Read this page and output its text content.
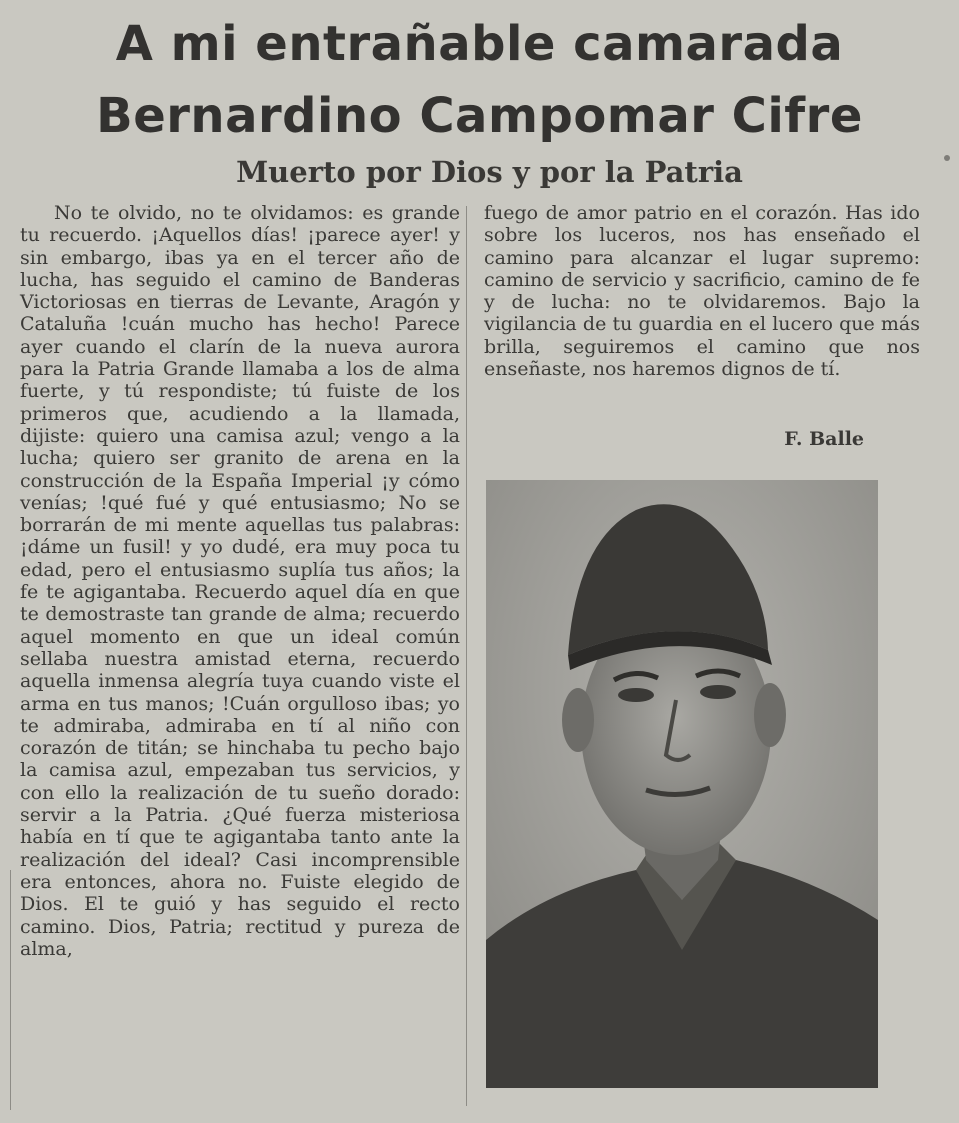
A mi entrañable camarada
Bernardino Campomar Cifre
Muerto por Dios y por la Patria

No te olvido, no te olvidamos: es grande tu recuerdo. ¡Aquellos días! ¡parece ayer! y sin embargo, ibas ya en el tercer año de lucha, has seguido el camino de Banderas Victoriosas en tierras de Levante, Aragón y Cataluña !cuán mucho has hecho! Parece ayer cuando el clarín de la nueva aurora para la Patria Grande llamaba a los de alma fuerte, y tú respondiste; tú fuiste de los primeros que, acudiendo a la llamada, dijiste: quiero una camisa azul; vengo a la lucha; quiero ser granito de arena en la construcción de la España Imperial ¡y cómo venías; !qué fué y qué entusiasmo; No se borrarán de mi mente aquellas tus palabras: ¡dáme un fusil! y yo dudé, era muy poca tu edad, pero el entusiasmo suplía tus años; la fe te agigantaba. Recuerdo aquel día en que te demostraste tan grande de alma; recuerdo aquel momento en que un ideal común sellaba nuestra amistad eterna, recuerdo aquella inmensa alegría tuya cuando viste el arma en tus manos; !Cuán orgulloso ibas; yo te admiraba, admiraba en tí al niño con corazón de titán; se hinchaba tu pecho bajo la camisa azul, empezaban tus servicios, y con ello la realización de tu sueño dorado: servir a la Patria. ¿Qué fuerza misteriosa había en tí que te agigantaba tanto ante la realización del ideal? Casi incomprensible era entonces, ahora no. Fuiste elegido de Dios. El te guió y has seguido el recto camino. Dios, Patria; rectitud y pureza de alma,

fuego de amor patrio en el corazón. Has ido sobre los luceros, nos has enseñado el camino para alcanzar el lugar supremo: camino de servicio y sacrificio, camino de fe y de lucha: no te olvidaremos. Bajo la vigilancia de tu guardia en el lucero que más brilla, seguiremos el camino que nos enseñaste, nos haremos dignos de tí.

F. Balle
